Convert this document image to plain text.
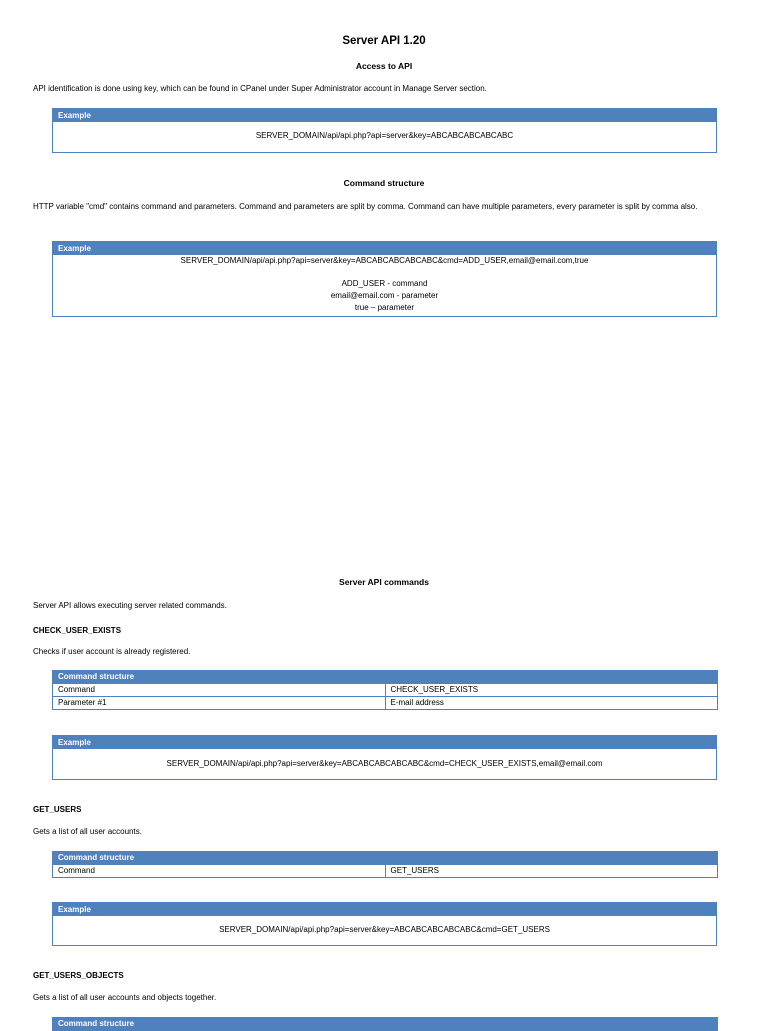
Server API 1.20
Access to API
API identification is done using key, which can be found in CPanel under Super Administrator account in Manage Server section.
Example
SERVER_DOMAIN/api/api.php?api=server&key=ABCABCABCABCABC
Command structure
HTTP variable "cmd" contains command and parameters. Command and parameters are split by comma. Command can have multiple parameters, every parameter is split by comma also.
Example
SERVER_DOMAIN/api/api.php?api=server&key=ABCABCABCABCABC&cmd=ADD_USER,email@email.com,true
ADD_USER - command
email@email.com - parameter
true – parameter
Server API commands
Server API allows executing server related commands.
CHECK_USER_EXISTS
Checks if user account is already registered.
Command structure	
Command	CHECK_USER_EXISTS
Parameter #1	E-mail address
Example
SERVER_DOMAIN/api/api.php?api=server&key=ABCABCABCABCABC&cmd=CHECK_USER_EXISTS,email@email.com
GET_USERS
Gets a list of all user accounts.
Command structure
Command	GET_USERS
Example
SERVER_DOMAIN/api/api.php?api=server&key=ABCABCABCABCABC&cmd=GET_USERS
GET_USERS_OBJECTS
Gets a list of all user accounts and objects together.
Command structure
